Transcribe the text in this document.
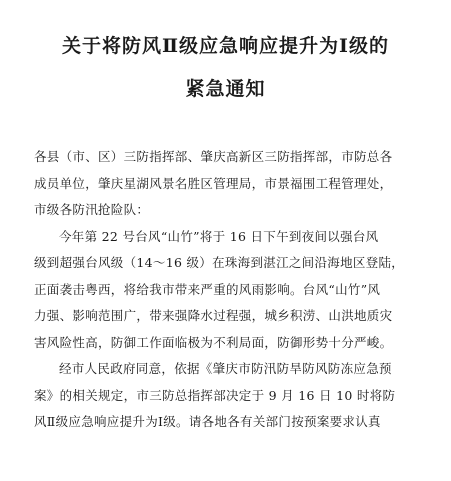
关于将防风Ⅱ级应急响应提升为Ⅰ级的
紧急通知
各县（市、区）三防指挥部、肇庆高新区三防指挥部，市防总各
成员单位，肇庆星湖风景名胜区管理局，市景福围工程管理处，
市级各防汛抢险队：
今年第 22 号台风“山竹”将于 16 日下午到夜间以强台风
级到超强台风级（14～16 级）在珠海到湛江之间沿海地区登陆，
正面袭击粤西，将给我市带来严重的风雨影响。台风“山竹”风
力强、影响范围广，带来强降水过程强，城乡积涝、山洪地质灾
害风险性高，防御工作面临极为不利局面，防御形势十分严峻。
经市人民政府同意，依据《肇庆市防汛防旱防风防冻应急预
案》的相关规定，市三防总指挥部决定于 9 月 16 日 10 时将防
风Ⅱ级应急响应提升为Ⅰ级。请各地各有关部门按预案要求认真
